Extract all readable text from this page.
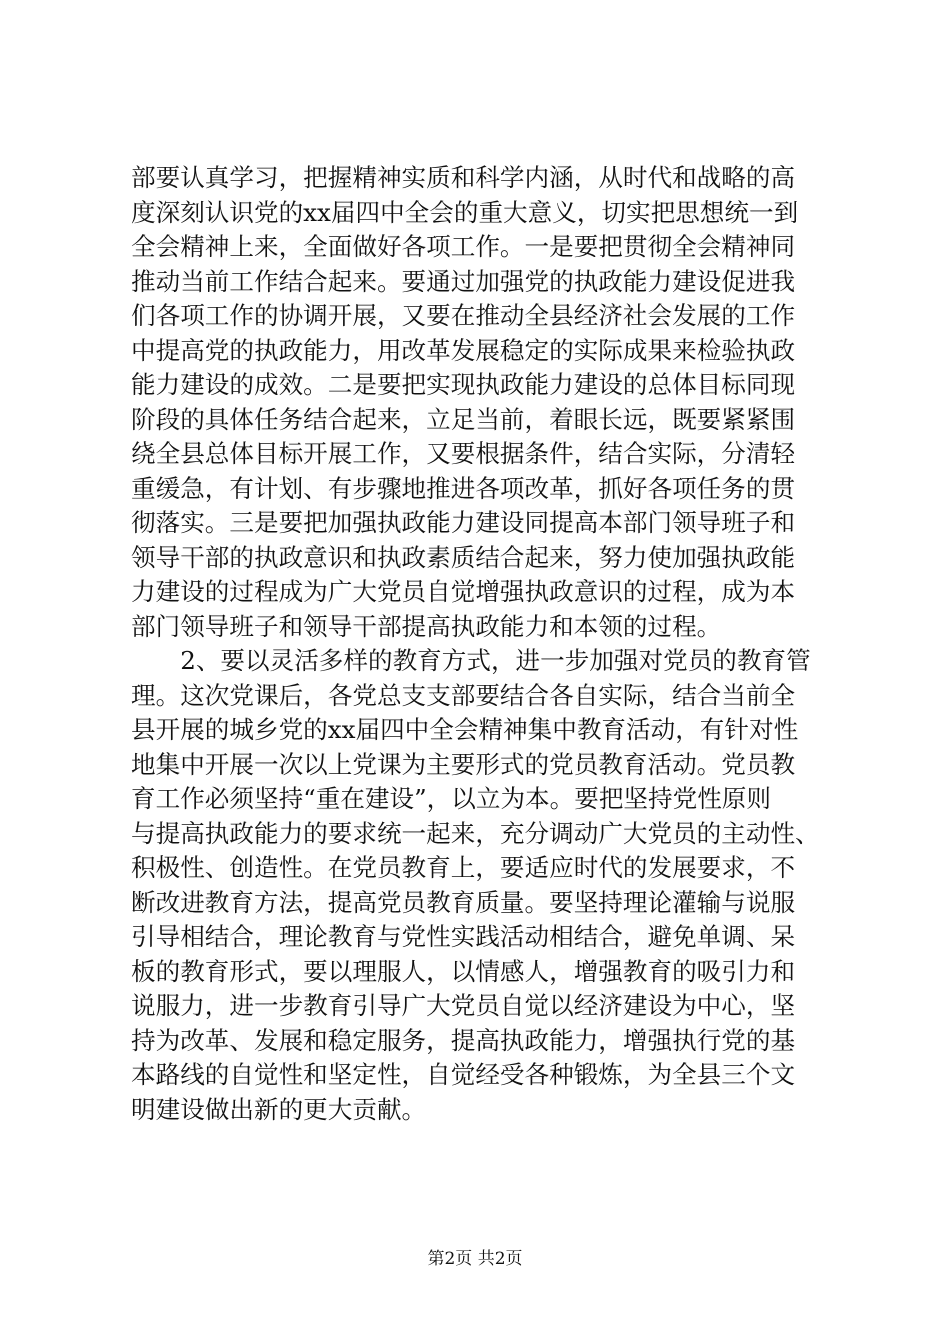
部要认真学习，把握精神实质和科学内涵，从时代和战略的高
度深刻认识党的xx届四中全会的重大意义，切实把思想统一到
全会精神上来，全面做好各项工作。一是要把贯彻全会精神同
推动当前工作结合起来。要通过加强党的执政能力建设促进我
们各项工作的协调开展，又要在推动全县经济社会发展的工作
中提高党的执政能力，用改革发展稳定的实际成果来检验执政
能力建设的成效。二是要把实现执政能力建设的总体目标同现
阶段的具体任务结合起来，立足当前，着眼长远，既要紧紧围
绕全县总体目标开展工作，又要根据条件，结合实际，分清轻
重缓急，有计划、有步骤地推进各项改革，抓好各项任务的贯
彻落实。三是要把加强执政能力建设同提高本部门领导班子和
领导干部的执政意识和执政素质结合起来，努力使加强执政能
力建设的过程成为广大党员自觉增强执政意识的过程，成为本
部门领导班子和领导干部提高执政能力和本领的过程。
　　2、要以灵活多样的教育方式，进一步加强对党员的教育管
理。这次党课后，各党总支支部要结合各自实际，结合当前全
县开展的城乡党的xx届四中全会精神集中教育活动，有针对性
地集中开展一次以上党课为主要形式的党员教育活动。党员教
育工作必须坚持“重在建设”，以立为本。要把坚持党性原则
与提高执政能力的要求统一起来，充分调动广大党员的主动性、
积极性、创造性。在党员教育上，要适应时代的发展要求，不
断改进教育方法，提高党员教育质量。要坚持理论灌输与说服
引导相结合，理论教育与党性实践活动相结合，避免单调、呆
板的教育形式，要以理服人，以情感人，增强教育的吸引力和
说服力，进一步教育引导广大党员自觉以经济建设为中心，坚
持为改革、发展和稳定服务，提高执政能力，增强执行党的基
本路线的自觉性和坚定性，自觉经受各种锻炼，为全县三个文
明建设做出新的更大贡献。
第2页 共2页
